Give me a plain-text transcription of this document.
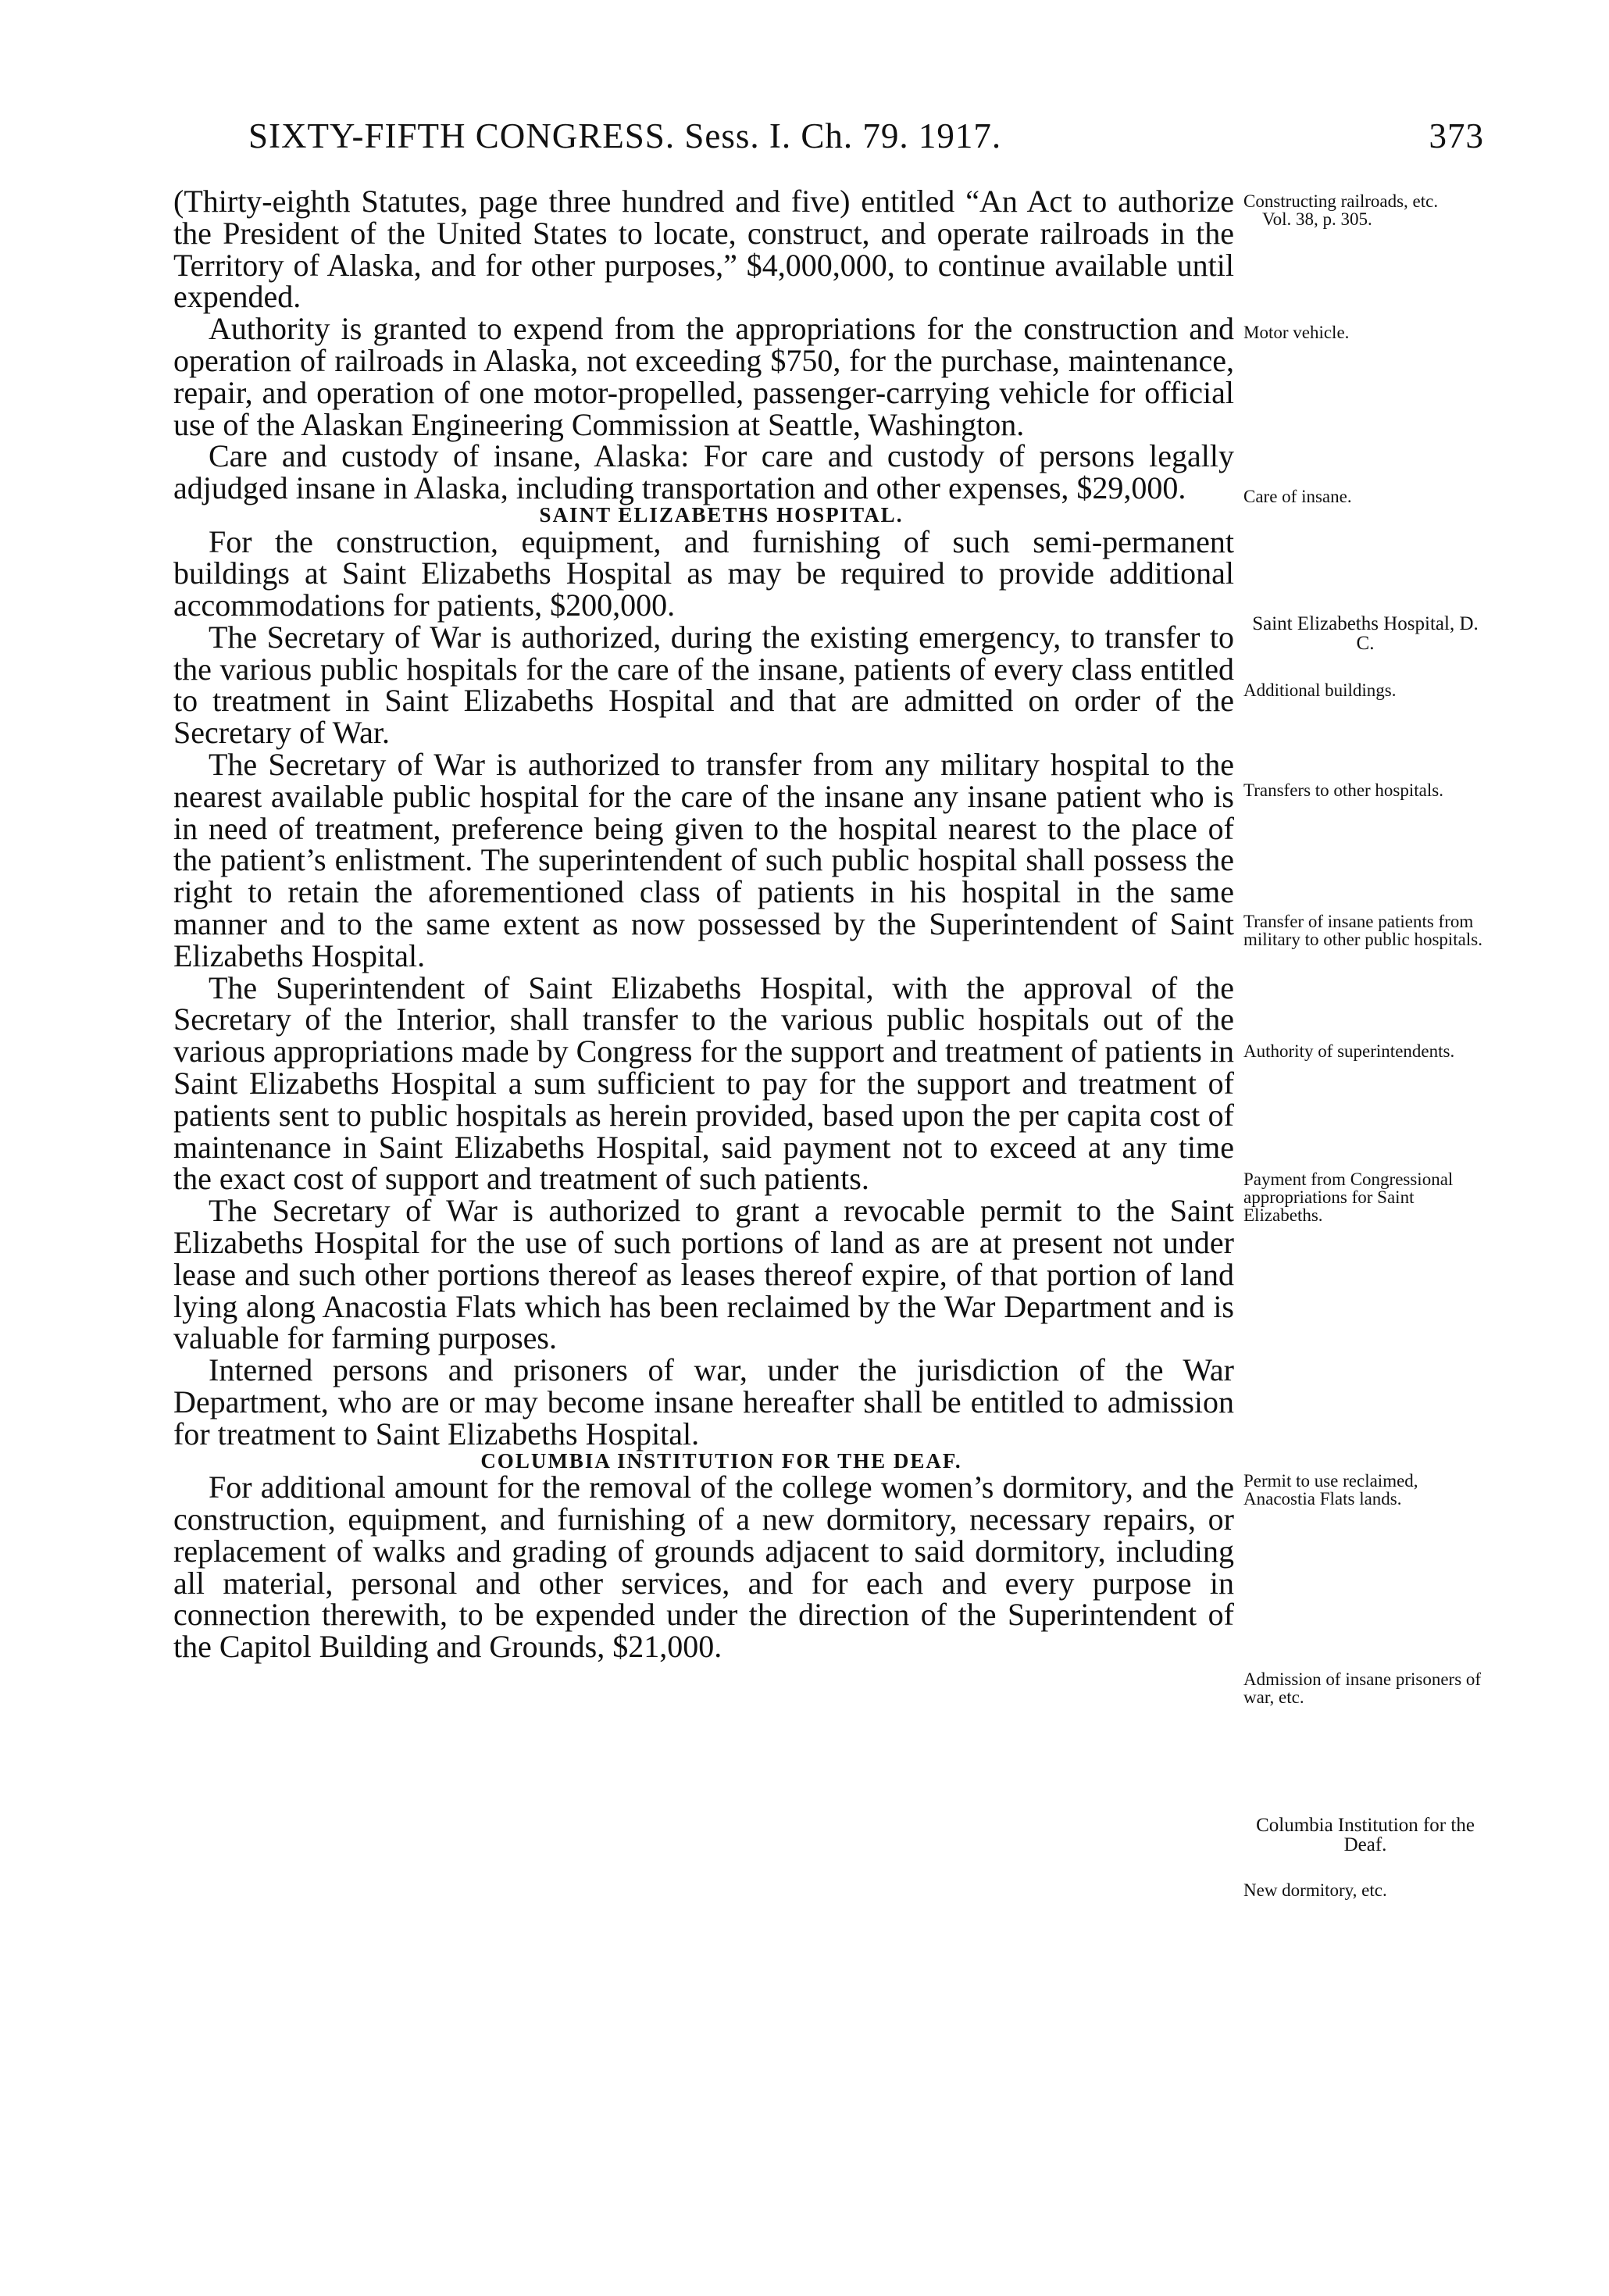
SIXTY-FIFTH CONGRESS. Sess. I. Ch. 79. 1917.	373

(Thirty-eighth Statutes, page three hundred and five) entitled “An Act to authorize the President of the United States to locate, construct, and operate railroads in the Territory of Alaska, and for other purposes,” $4,000,000, to continue available until expended.

Authority is granted to expend from the appropriations for the construction and operation of railroads in Alaska, not exceeding $750, for the purchase, maintenance, repair, and operation of one motor-propelled, passenger-carrying vehicle for official use of the Alaskan Engineering Commission at Seattle, Washington.

Care and custody of insane, Alaska: For care and custody of persons legally adjudged insane in Alaska, including transportation and other expenses, $29,000.

SAINT ELIZABETHS HOSPITAL.

For the construction, equipment, and furnishing of such semi-permanent buildings at Saint Elizabeths Hospital as may be required to provide additional accommodations for patients, $200,000.

The Secretary of War is authorized, during the existing emergency, to transfer to the various public hospitals for the care of the insane, patients of every class entitled to treatment in Saint Elizabeths Hospital and that are admitted on order of the Secretary of War.

The Secretary of War is authorized to transfer from any military hospital to the nearest available public hospital for the care of the insane any insane patient who is in need of treatment, preference being given to the hospital nearest to the place of the patient’s enlistment. The superintendent of such public hospital shall possess the right to retain the aforementioned class of patients in his hospital in the same manner and to the same extent as now possessed by the Superintendent of Saint Elizabeths Hospital.

The Superintendent of Saint Elizabeths Hospital, with the approval of the Secretary of the Interior, shall transfer to the various public hospitals out of the various appropriations made by Congress for the support and treatment of patients in Saint Elizabeths Hospital a sum sufficient to pay for the support and treatment of patients sent to public hospitals as herein provided, based upon the per capita cost of maintenance in Saint Elizabeths Hospital, said payment not to exceed at any time the exact cost of support and treatment of such patients.

The Secretary of War is authorized to grant a revocable permit to the Saint Elizabeths Hospital for the use of such portions of land as are at present not under lease and such other portions thereof as leases thereof expire, of that portion of land lying along Anacostia Flats which has been reclaimed by the War Department and is valuable for farming purposes.

Interned persons and prisoners of war, under the jurisdiction of the War Department, who are or may become insane hereafter shall be entitled to admission for treatment to Saint Elizabeths Hospital.

COLUMBIA INSTITUTION FOR THE DEAF.

For additional amount for the removal of the college women’s dormitory, and the construction, equipment, and furnishing of a new dormitory, necessary repairs, or replacement of walks and grading of grounds adjacent to said dormitory, including all material, personal and other services, and for each and every purpose in connection therewith, to be expended under the direction of the Superintendent of the Capitol Building and Grounds, $21,000.

Constructing railroads, etc.
Vol. 38, p. 305.
Motor vehicle.
Care of insane.
Saint Elizabeths Hospital, D. C.
Additional buildings.
Transfers to other hospitals.
Transfer of insane patients from military to other public hospitals.
Authority of superintendents.
Payment from Congressional appropriations for Saint Elizabeths.
Permit to use reclaimed, Anacostia Flats lands.
Admission of insane prisoners of war, etc.
Columbia Institution for the Deaf.
New dormitory, etc.
